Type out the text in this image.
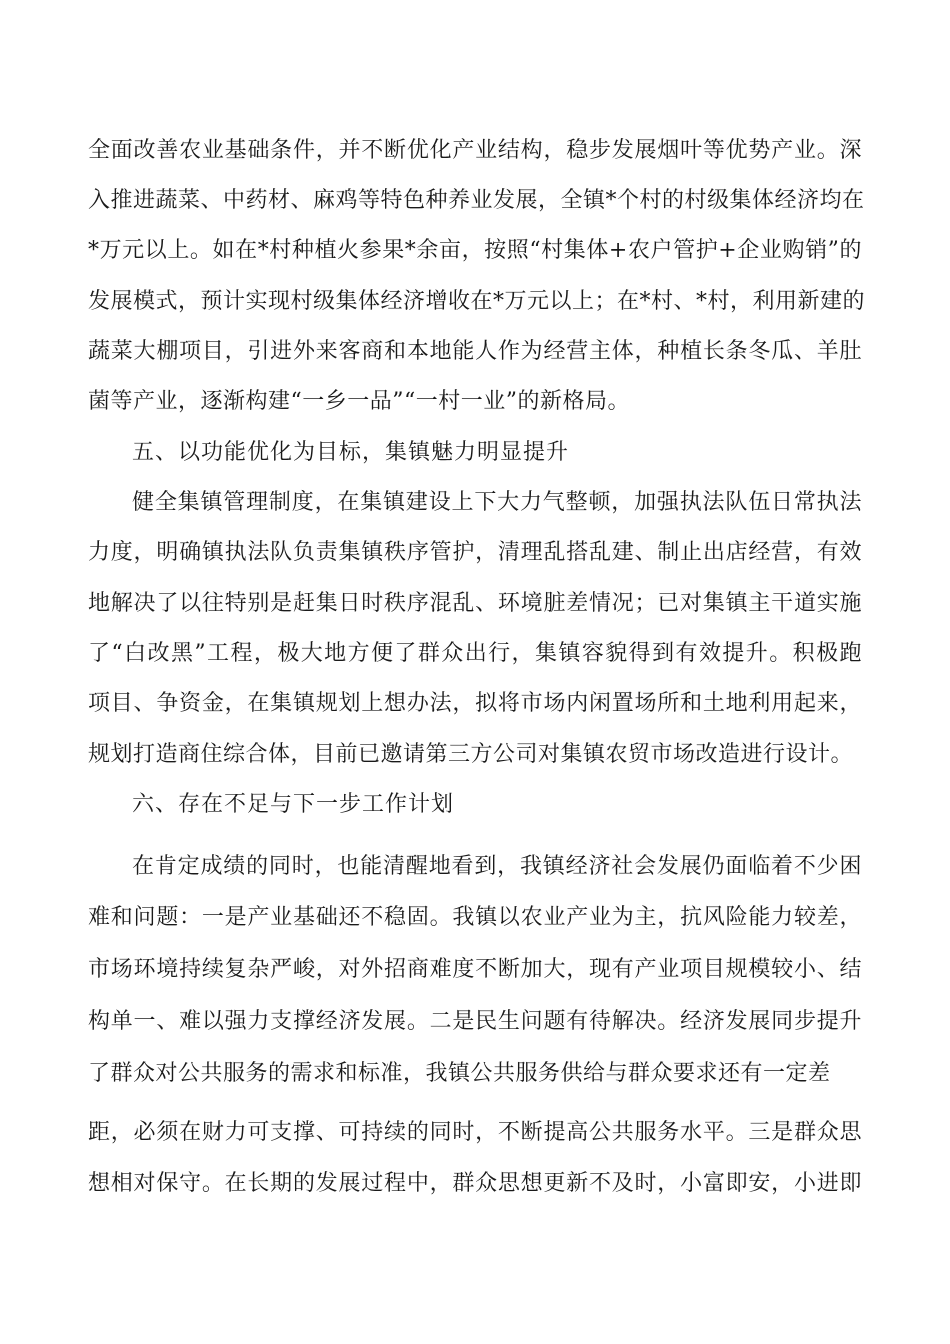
全面改善农业基础条件，并不断优化产业结构，稳步发展烟叶等优势产业。深
入推进蔬菜、中药材、麻鸡等特色种养业发展，全镇*个村的村级集体经济均在
*万元以上。如在*村种植火参果*余亩，按照“村集体+农户管护+企业购销”的
发展模式，预计实现村级集体经济增收在*万元以上；在*村、*村，利用新建的
蔬菜大棚项目，引进外来客商和本地能人作为经营主体，种植长条冬瓜、羊肚
菌等产业，逐渐构建“一乡一品”“一村一业”的新格局。
五、以功能优化为目标，集镇魅力明显提升
健全集镇管理制度，在集镇建设上下大力气整顿，加强执法队伍日常执法
力度，明确镇执法队负责集镇秩序管护，清理乱搭乱建、制止出店经营，有效
地解决了以往特别是赶集日时秩序混乱、环境脏差情况；已对集镇主干道实施
了“白改黑”工程，极大地方便了群众出行，集镇容貌得到有效提升。积极跑
项目、争资金，在集镇规划上想办法，拟将市场内闲置场所和土地利用起来，
规划打造商住综合体，目前已邀请第三方公司对集镇农贸市场改造进行设计。
六、存在不足与下一步工作计划
在肯定成绩的同时，也能清醒地看到，我镇经济社会发展仍面临着不少困
难和问题：一是产业基础还不稳固。我镇以农业产业为主，抗风险能力较差，
市场环境持续复杂严峻，对外招商难度不断加大，现有产业项目规模较小、结
构单一、难以强力支撑经济发展。二是民生问题有待解决。经济发展同步提升
了群众对公共服务的需求和标准，我镇公共服务供给与群众要求还有一定差
距，必须在财力可支撑、可持续的同时，不断提高公共服务水平。三是群众思
想相对保守。在长期的发展过程中，群众思想更新不及时，小富即安，小进即
